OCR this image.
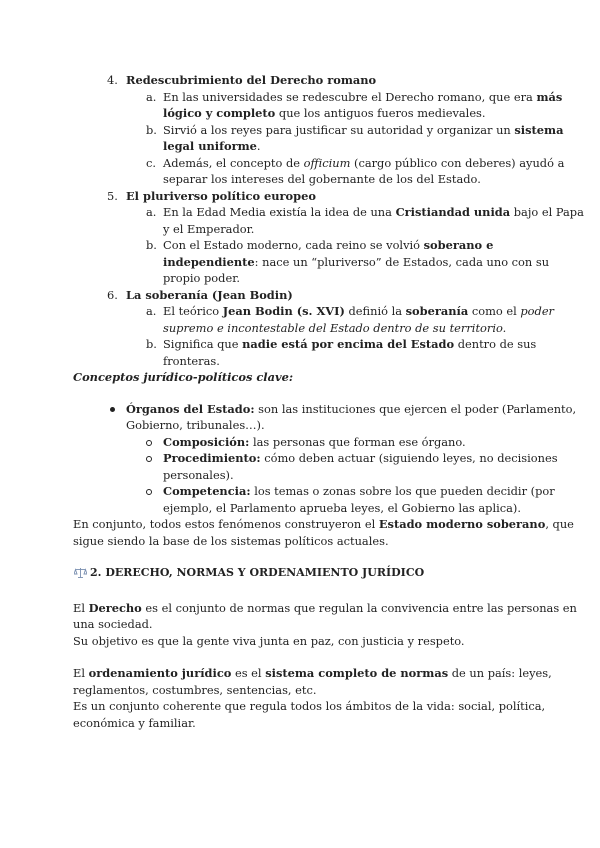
4. Redescubrimiento del Derecho romano
a. En las universidades se redescubre el Derecho romano, que era más
lógico y completo que los antiguos fueros medievales.
b. Sirvió a los reyes para justificar su autoridad y organizar un sistema
legal uniforme.
c. Además, el concepto de officium (cargo público con deberes) ayudó a
separar los intereses del gobernante de los del Estado.
5. El pluriverso político europeo
a. En la Edad Media existía la idea de una Cristiandad unida bajo el Papa
y el Emperador.
b. Con el Estado moderno, cada reino se volvió soberano e
independiente: nace un “pluriverso” de Estados, cada uno con su
propio poder.
6. La soberanía (Jean Bodin)
a. El teórico Jean Bodin (s. XVI) definió la soberanía como el poder
supremo e incontestable del Estado dentro de su territorio.
b. Significa que nadie está por encima del Estado dentro de sus
fronteras.
Conceptos jurídico-políticos clave:
Órganos del Estado: son las instituciones que ejercen el poder (Parlamento,
Gobierno, tribunales…).
Composición: las personas que forman ese órgano.
Procedimiento: cómo deben actuar (siguiendo leyes, no decisiones
personales).
Competencia: los temas o zonas sobre los que pueden decidir (por
ejemplo, el Parlamento aprueba leyes, el Gobierno las aplica).
En conjunto, todos estos fenómenos construyeron el Estado moderno soberano, que
sigue siendo la base de los sistemas políticos actuales.
2. DERECHO, NORMAS Y ORDENAMIENTO JURÍDICO
El Derecho es el conjunto de normas que regulan la convivencia entre las personas en
una sociedad.
Su objetivo es que la gente viva junta en paz, con justicia y respeto.
El ordenamiento jurídico es el sistema completo de normas de un país: leyes,
reglamentos, costumbres, sentencias, etc.
Es un conjunto coherente que regula todos los ámbitos de la vida: social, política,
económica y familiar.
